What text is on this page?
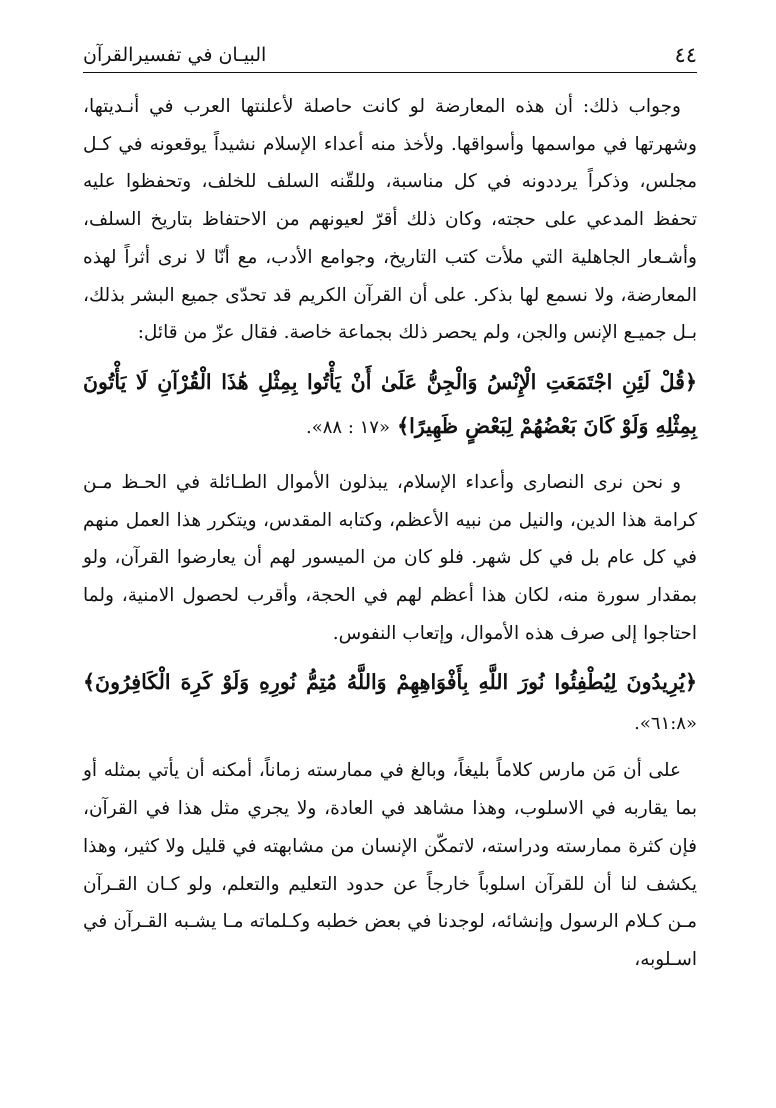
٤٤
البيـان في تفسيرالقرآن

وجواب ذلك: أن هذه المعارضة لو كانت حاصلة لأعلنتها العرب في أنـديتها، وشهرتها في مواسمها وأسواقها. ولأخذ منه أعداء الإسلام نشيداً يوقعونه في كـل مجلس، وذكراً يرددونه في كل مناسبة، وللقّنه السلف للخلف، وتحفظوا عليه تحفظ المدعي على حجته، وكان ذلك أقرّ لعيونهم من الاحتفاظ بتاريخ السلف، وأشـعار الجاهلية التي ملأت كتب التاريخ، وجوامع الأدب، مع أنّا لا نرى أثراً لهذه المعارضة، ولا نسمع لها بذكر. على أن القرآن الكريم قد تحدّى جميع البشر بذلك، بـل جميـع الإنس والجن، ولم يحصر ذلك بجماعة خاصة. فقال عزّ من قائل:

﴿قُلْ لَئِنِ اجْتَمَعَتِ الْإِنْسُ وَالْجِنُّ عَلَىٰ أَنْ يَأْتُوا بِمِثْلِ هَٰذَا الْقُرْآنِ لَا يَأْتُونَ بِمِثْلِهِ وَلَوْ كَانَ بَعْضُهُمْ لِبَعْضٍ ظَهِيرًا﴾ «١٧ : ٨٨».

و نحن نرى النصارى وأعداء الإسلام، يبذلون الأموال الطـائلة في الحـظ مـن كرامة هذا الدين، والنيل من نبيه الأعظم، وكتابه المقدس، ويتكرر هذا العمل منهم في كل عام بل في كل شهر. فلو كان من الميسور لهم أن يعارضوا القرآن، ولو بمقدار سورة منه، لكان هذا أعظم لهم في الحجة، وأقرب لحصول الامنية، ولما احتاجوا إلى صرف هذه الأموال، وإتعاب النفوس.

﴿يُرِيدُونَ لِيُطْفِئُوا نُورَ اللَّهِ بِأَفْوَاهِهِمْ وَاللَّهُ مُتِمُّ نُورِهِ وَلَوْ كَرِهَ الْكَافِرُونَ﴾ «٦١:٨».

على أن مَن مارس كلاماً بليغاً، وبالغ في ممارسته زماناً، أمكنه أن يأتي بمثله أو بما يقاربه في الاسلوب، وهذا مشاهد في العادة، ولا يجري مثل هذا في القرآن، فإن كثرة ممارسته ودراسته، لاتمكّن الإنسان من مشابهته في قليل ولا كثير، وهذا يكشف لنا أن للقرآن اسلوباً خارجاً عن حدود التعليم والتعلم، ولو كـان القـرآن مـن كـلام الرسول وإنشائه، لوجدنا في بعض خطبه وكـلماته مـا يشـبه القـرآن في اسـلوبه،
